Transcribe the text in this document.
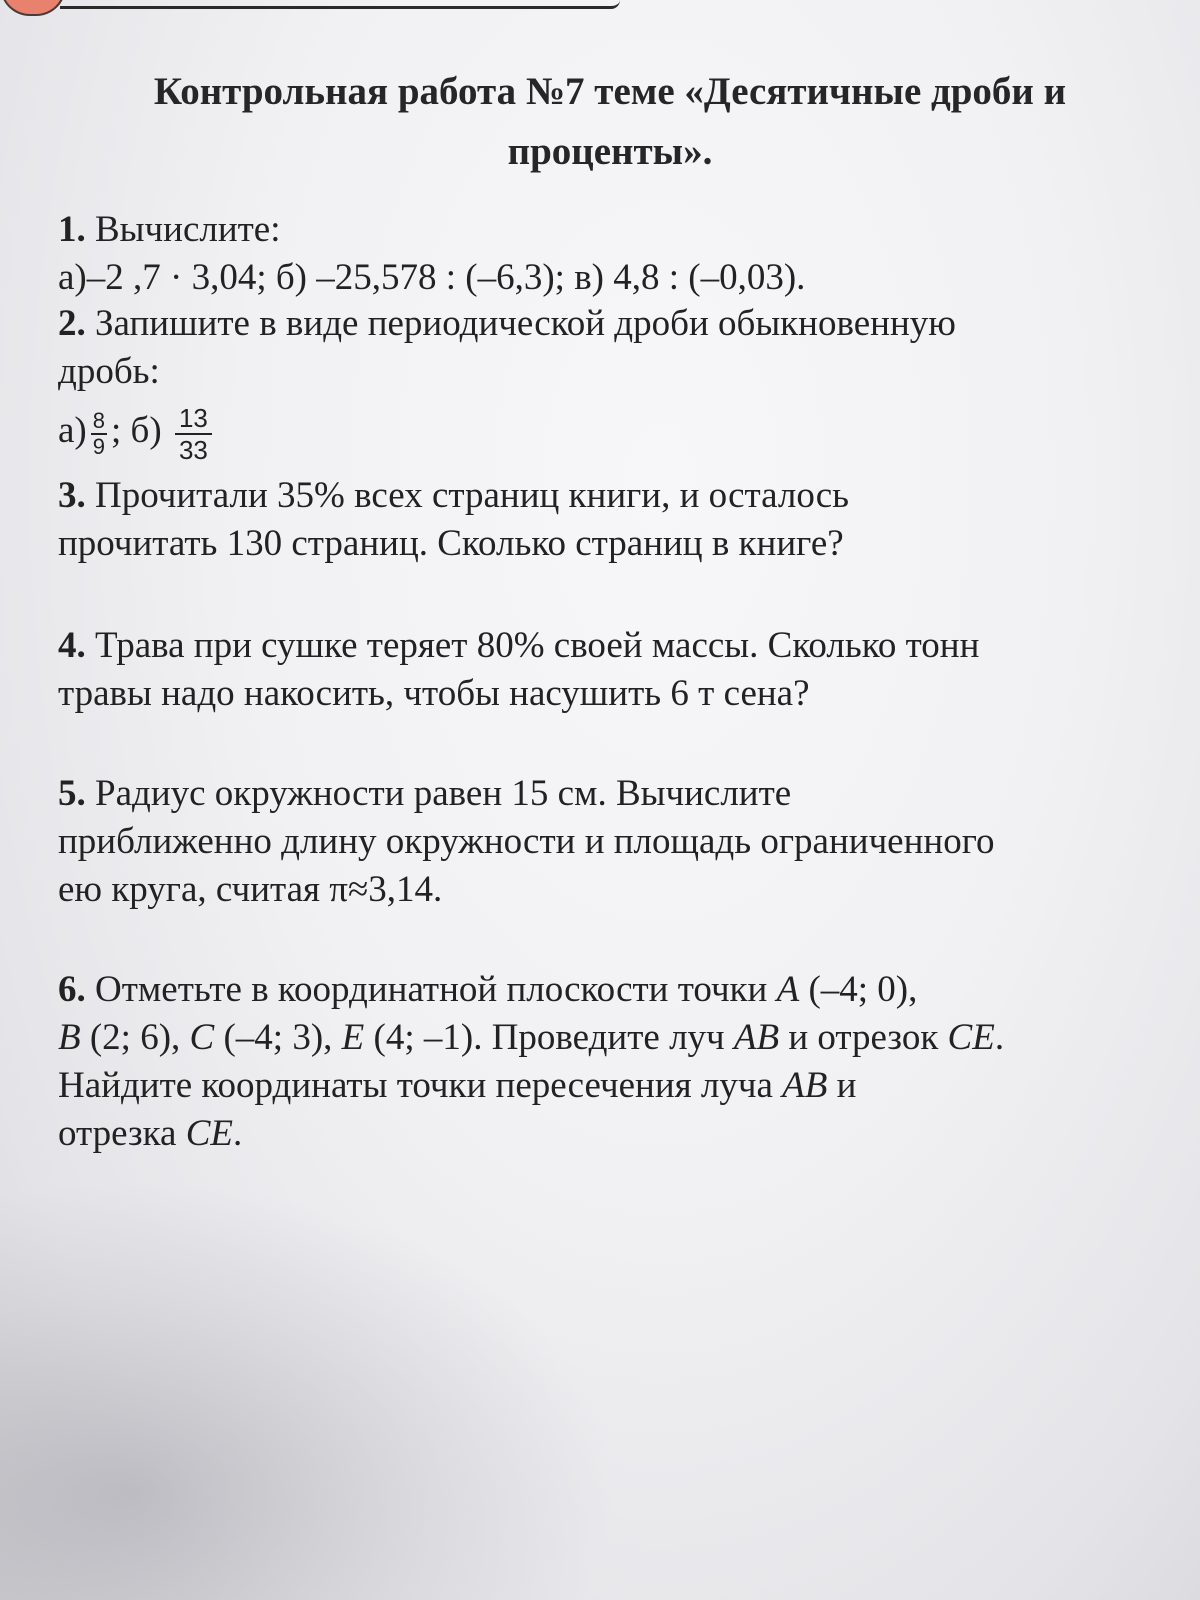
Контрольная работа №7 теме «Десятичные дроби и
проценты».
1. Вычислите:
а)–2 ,7 · 3,04; б) –25,578 : (–6,3); в) 4,8 : (–0,03).
2. Запишите в виде периодической дроби обыкновенную
дробь:
$а) \frac{8}{9}$ ; $б) \frac{13}{33}$
3. Прочитали 35% всех страниц книги, и осталось
прочитать 130 страниц. Сколько страниц в книге?
4. Трава при сушке теряет 80% своей массы. Сколько тонн
травы надо накосить, чтобы насушить 6 т сена?
5. Радиус окружности равен 15 см. Вычислите
приближенно длину окружности и площадь ограниченного
ею круга, считая π≈3,14.
6. Отметьте в координатной плоскости точки A (–4; 0),
B (2; 6), C (–4; 3), E (4; –1). Проведите луч AB и отрезок CE.
Найдите координаты точки пересечения луча AB и
отрезка CE.
